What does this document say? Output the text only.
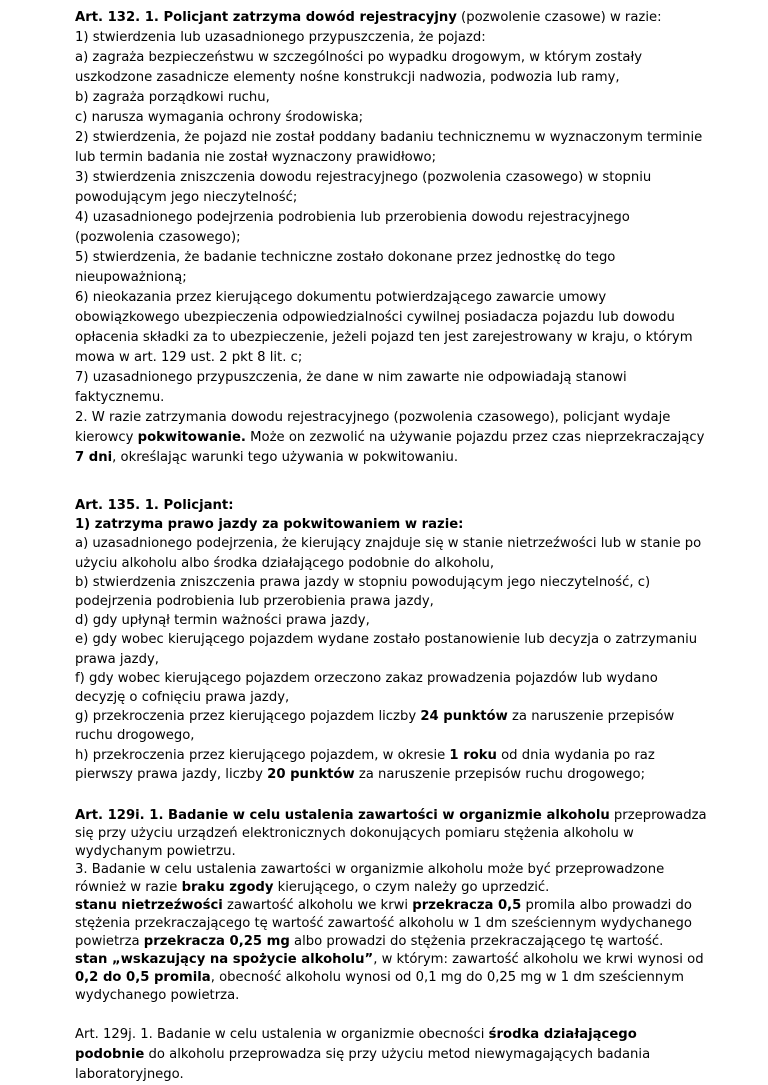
Art. 132. 1. Policjant zatrzyma dowód rejestracyjny (pozwolenie czasowe) w razie:

1) stwierdzenia lub uzasadnionego przypuszczenia, że pojazd:

a) zagraża bezpieczeństwu w szczególności po wypadku drogowym, w którym zostały uszkodzone zasadnicze elementy nośne konstrukcji nadwozia, podwozia lub ramy,

b) zagraża porządkowi ruchu,

c) narusza wymagania ochrony środowiska;

2) stwierdzenia, że pojazd nie został poddany badaniu technicznemu w wyznaczonym terminie lub termin badania nie został wyznaczony prawidłowo;

3) stwierdzenia zniszczenia dowodu rejestracyjnego (pozwolenia czasowego) w stopniu powodującym jego nieczytelność;

4) uzasadnionego podejrzenia podrobienia lub przerobienia dowodu rejestracyjnego (pozwolenia czasowego);

5) stwierdzenia, że badanie techniczne zostało dokonane przez jednostkę do tego nieupoważnioną;

6) nieokazania przez kierującego dokumentu potwierdzającego zawarcie umowy obowiązkowego ubezpieczenia odpowiedzialności cywilnej posiadacza pojazdu lub dowodu opłacenia składki za to ubezpieczenie, jeżeli pojazd ten jest zarejestrowany w kraju, o którym mowa w art. 129 ust. 2 pkt 8 lit. c;

7) uzasadnionego przypuszczenia, że dane w nim zawarte nie odpowiadają stanowi faktycznemu.

2. W razie zatrzymania dowodu rejestracyjnego (pozwolenia czasowego), policjant wydaje kierowcy pokwitowanie. Może on zezwolić na używanie pojazdu przez czas nieprzekraczający 7 dni, określając warunki tego używania w pokwitowaniu.

Art. 135. 1. Policjant:

1) zatrzyma prawo jazdy za pokwitowaniem w razie:

a) uzasadnionego podejrzenia, że kierujący znajduje się w stanie nietrzeźwości lub w stanie po użyciu alkoholu albo środka działającego podobnie do alkoholu,

b) stwierdzenia zniszczenia prawa jazdy w stopniu powodującym jego nieczytelność, c) podejrzenia podrobienia lub przerobienia prawa jazdy,

d) gdy upłynął termin ważności prawa jazdy,

e) gdy wobec kierującego pojazdem wydane zostało postanowienie lub decyzja o zatrzymaniu prawa jazdy,

f) gdy wobec kierującego pojazdem orzeczono zakaz prowadzenia pojazdów lub wydano decyzję o cofnięciu prawa jazdy,

g) przekroczenia przez kierującego pojazdem liczby 24 punktów za naruszenie przepisów ruchu drogowego,

h) przekroczenia przez kierującego pojazdem, w okresie 1 roku od dnia wydania po raz pierwszy prawa jazdy, liczby 20 punktów za naruszenie przepisów ruchu drogowego;

Art. 129i. 1. Badanie w celu ustalenia zawartości w organizmie alkoholu przeprowadza się przy użyciu urządzeń elektronicznych dokonujących pomiaru stężenia alkoholu w wydychanym powietrzu.

3. Badanie w celu ustalenia zawartości w organizmie alkoholu może być przeprowadzone również w razie braku zgody kierującego, o czym należy go uprzedzić.

stanu nietrzeźwości zawartość alkoholu we krwi przekracza 0,5 promila albo prowadzi do stężenia przekraczającego tę wartość zawartość alkoholu w 1 dm sześciennym wydychanego powietrza przekracza 0,25 mg albo prowadzi do stężenia przekraczającego tę wartość.

stan „wskazujący na spożycie alkoholu”, w którym: zawartość alkoholu we krwi wynosi od 0,2 do 0,5 promila, obecność alkoholu wynosi od 0,1 mg do 0,25 mg w 1 dm sześciennym wydychanego powietrza.

Art. 129j. 1. Badanie w celu ustalenia w organizmie obecności środka działającego podobnie do alkoholu przeprowadza się przy użyciu metod niewymagających badania laboratoryjnego.
